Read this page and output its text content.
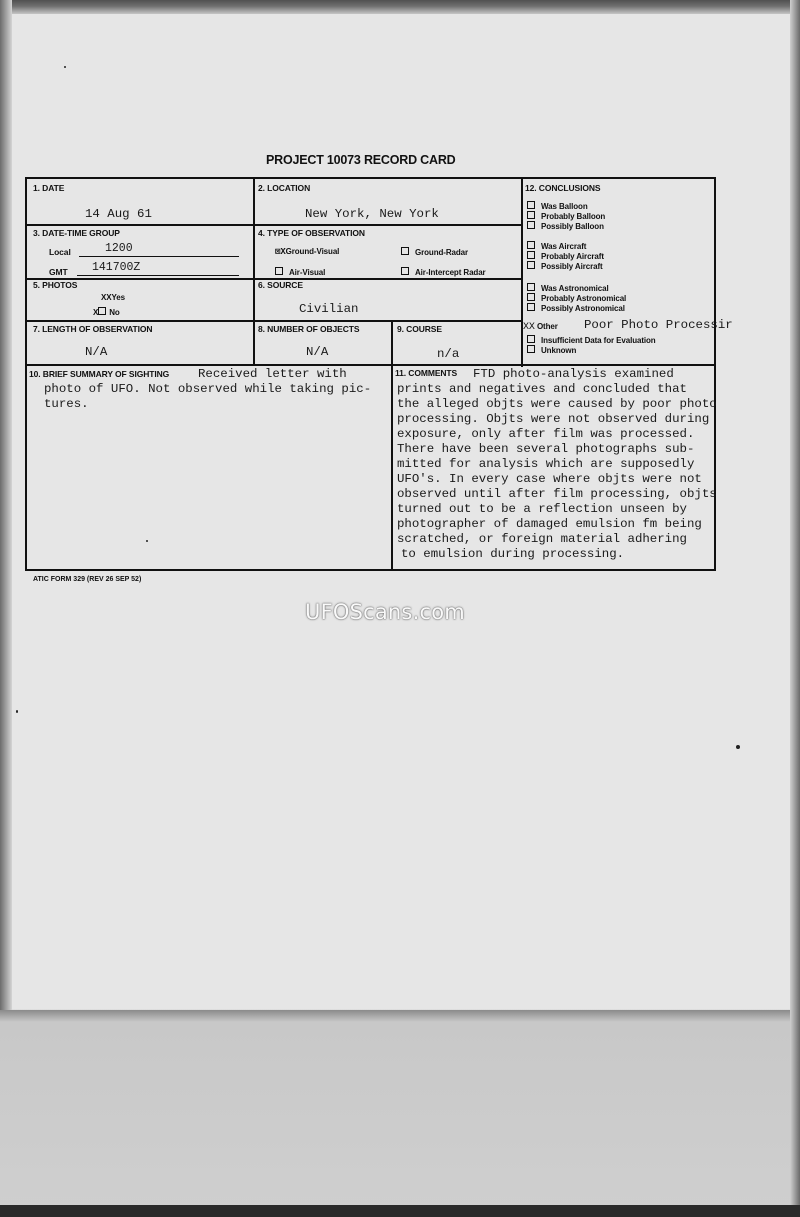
PROJECT 10073 RECORD CARD
1. DATE
14 Aug 61
2. LOCATION
New York, New York
3. DATE-TIME GROUP
Local	1200
GMT 141700Z
4. TYPE OF OBSERVATION
⊠XGround-Visual	Ground-Radar
Air-Visual	Air-Intercept Radar
5. PHOTOS
XXYes
X No
6. SOURCE
Civilian
7. LENGTH OF OBSERVATION
N/A
8. NUMBER OF OBJECTS
N/A
9. COURSE
n/a
10. BRIEF SUMMARY OF SIGHTING Received letter with
photo of UFO. Not observed while taking pic-
tures.
11. COMMENTS FTD photo-analysis examined
prints and negatives and concluded that
the alleged objts were caused by poor photo
processing. Objts were not observed during
exposure, only after film was processed.
There have been several photographs sub-
mitted for analysis which are supposedly
UFO's. In every case where objts were not
observed until after film processing, objts
turned out to be a reflection unseen by
photographer of damaged emulsion fm being
scratched, or foreign material adhering
to emulsion during processing.
12. CONCLUSIONS
Was Balloon
Probably Balloon
Possibly Balloon
Was Aircraft
Probably Aircraft
Possibly Aircraft
Was Astronomical
Probably Astronomical
Possibly Astronomical
XX Other Poor Photo Processir
Insufficient Data for Evaluation
Unknown
ATIC FORM 329 (REV 26 SEP 52)
UFOScans.com
